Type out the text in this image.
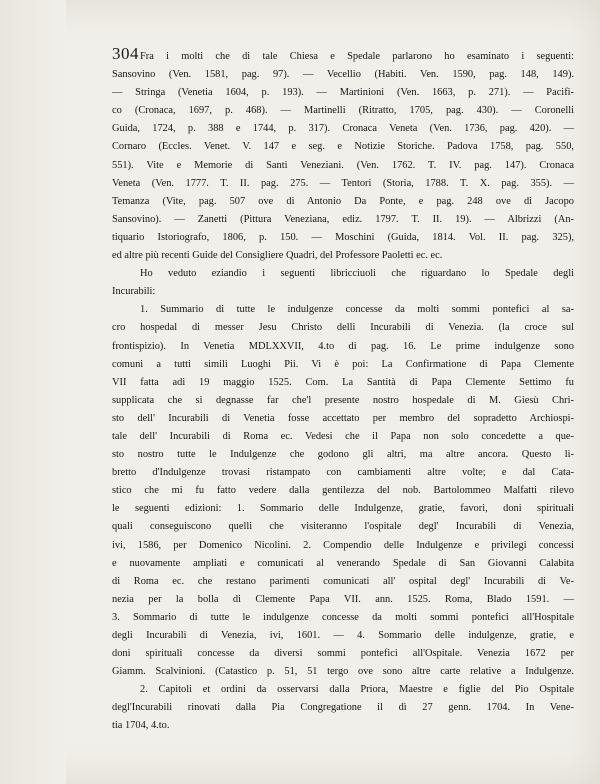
304 Fra i molti che di tale Chiesa e Spedale parlarono ho esaminato i seguenti:
Sansovino (Ven. 1581, pag. 97). — Vecellio (Habiti. Ven. 1590, pag. 148, 149).
— Stringa (Venetia 1604, p. 193). — Martinioni (Ven. 1663, p. 271). — Pacifi-
co (Cronaca, 1697, p. 468). — Martinelli (Ritratto, 1705, pag. 430). — Coronelli
Guida, 1724, p. 388 e 1744, p. 317). Cronaca Veneta (Ven. 1736, pag. 420). —
Cornaro (Eccles. Venet. V. 147 e seg. e Notizie Storiche. Padova 1758, pag. 550,
551). Vite e Memorie di Santi Veneziani. (Ven. 1762. T. IV. pag. 147). Cronaca
Veneta (Ven. 1777. T. II. pag. 275. — Tentori (Storia, 1788. T. X. pag. 355). —
Temanza (Vite, pag. 507 ove di Antonio Da Ponte, e pag. 248 ove di Jacopo
Sansovino). — Zanetti (Pittura Veneziana, ediz. 1797. T. II. 19). — Albrizzi (An-
tiquario Istoriografo, 1806, p. 150. — Moschini (Guida, 1814. Vol. II. pag. 325),
ed altre più recenti Guide del Consigliere Quadri, del Professore Paoletti ec. ec.
Ho veduto eziandio i seguenti libricciuoli che riguardano lo Spedale degli
Incurabili:
1. Summario di tutte le indulgenze concesse da molti sommi pontefici al sa-
cro hospedal di messer Jesu Christo delli Incurabili di Venezia. (la croce sul
frontispizio). In Venetia MDLXXVII, 4.to di pag. 16. Le prime indulgenze sono
comuni a tutti simili Luoghi Pii. Vi è poi: La Confirmatione di Papa Clemente
VII fatta adi 19 maggio 1525. Com. La Santità di Papa Clemente Settimo fu
supplicata che si degnasse far che'l presente nostro hospedale di M. Giesù Chri-
sto dell' Incurabili di Venetia fosse accettato per membro del sopradetto Archiospi-
tale dell' Incurabili di Roma ec. Vedesi che il Papa non solo concedette a que-
sto nostro tutte le Indulgenze che godono gli altri, ma altre ancora. Questo li-
bretto d'Indulgenze trovasi ristampato con cambiamenti altre volte; e dal Cata-
stico che mi fu fatto vedere dalla gentilezza del nob. Bartolommeo Malfatti rilevo
le seguenti edizioni: 1. Sommario delle Indulgenze, gratie, favori, doni spirituali
quali conseguiscono quelli che visiteranno l'ospitale degl' Incurabili di Venezia,
ivi, 1586, per Domenico Nicolini. 2. Compendio delle Indulgenze e privilegi concessi
e nuovamente ampliati e comunicati al venerando Spedale di San Giovanni Calabita
di Roma ec. che restano parimenti comunicati all' ospital degl' Incurabili di Ve-
nezia per la bolla di Clemente Papa VII. ann. 1525. Roma, Blado 1591. —
3. Sommario di tutte le indulgenze concesse da molti sommi pontefici all'Hospitale
degli Incurabili di Venezia, ivi, 1601. — 4. Sommario delle indulgenze, gratie, e
doni spirituali concesse da diversi sommi pontefici all'Ospitale. Venezia 1672 per
Giamm. Scalvinioni. (Catastico p. 51, 51 tergo ove sono altre carte relative a Indulgenze.
2. Capitoli et ordini da osservarsi dalla Priora, Maestre e figlie del Pio Ospitale
degl'Incurabili rinovati dalla Pia Congregatione il dì 27 genn. 1704. In Vene-
tia 1704, 4.to.
